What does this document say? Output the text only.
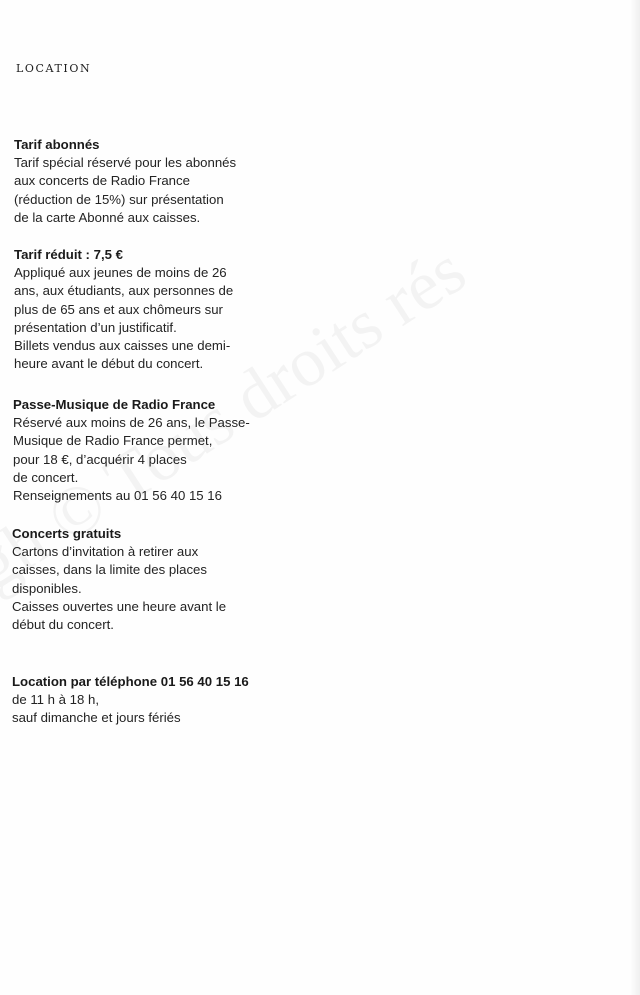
LOCATION
Tarif abonnés
Tarif spécial réservé pour les abonnés
aux concerts de Radio France
(réduction de 15%) sur présentation
de la carte Abonné aux caisses.
Tarif réduit : 7,5 €
Appliqué aux jeunes de moins de 26
ans, aux étudiants, aux personnes de
plus de 65 ans et aux chômeurs sur
présentation d’un justificatif.
Billets vendus aux caisses une demi-
heure avant le début du concert.
Passe-Musique de Radio France
Réservé aux moins de 26 ans, le Passe-
Musique de Radio France permet,
pour 18 €, d’acquérir 4 places
de concert.
Renseignements au 01 56 40 15 16
Concerts gratuits
Cartons d’invitation à retirer aux
caisses, dans la limite des places
disponibles.
Caisses ouvertes une heure avant le
début du concert.
Location par téléphone 01 56 40 15 16
de 11 h à 18 h,
sauf dimanche et jours fériés
